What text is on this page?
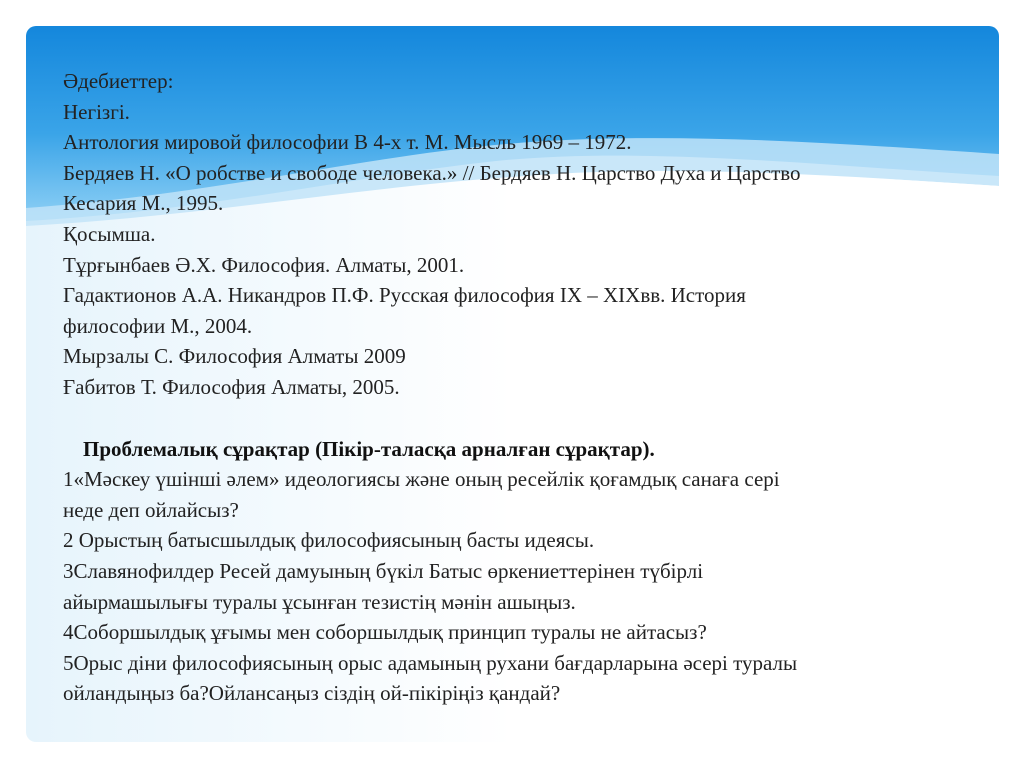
Әдебиеттер:

Негізгі.

Антология мировой философии В 4-х т. М. Мысль 1969 – 1972.

Бердяев Н. «О робстве и свободе человека.» // Бердяев Н. Царство Духа и Царство

Кесария М., 1995.

Қосымша.

Тұрғынбаев Ә.Х. Философия. Алматы, 2001.

Гадактионов А.А. Никандров П.Ф. Русская философия IX – XIXвв. История

философии М., 2004.

Мырзалы С. Философия Алматы 2009

Ғабитов Т. Философия Алматы, 2005.

Проблемалық сұрақтар (Пікір-таласқа арналған сұрақтар).

1«Мәскеу үшінші әлем» идеологиясы және оның ресейлік қоғамдық санаға сері

неде деп ойлайсыз?

2 Орыстың батысшылдық философиясының басты идеясы.

3Славянофилдер Ресей дамуының бүкіл Батыс өркениеттерінен түбірлі

айырмашылығы туралы ұсынған тезистің мәнін ашыңыз.

4Соборшылдық ұғымы мен соборшылдық принцип туралы не айтасыз?

5Орыс діни философиясының орыс адамының рухани бағдарларына әсері туралы

ойландыңыз ба?Ойлансаңыз сіздің ой-пікіріңіз қандай?
